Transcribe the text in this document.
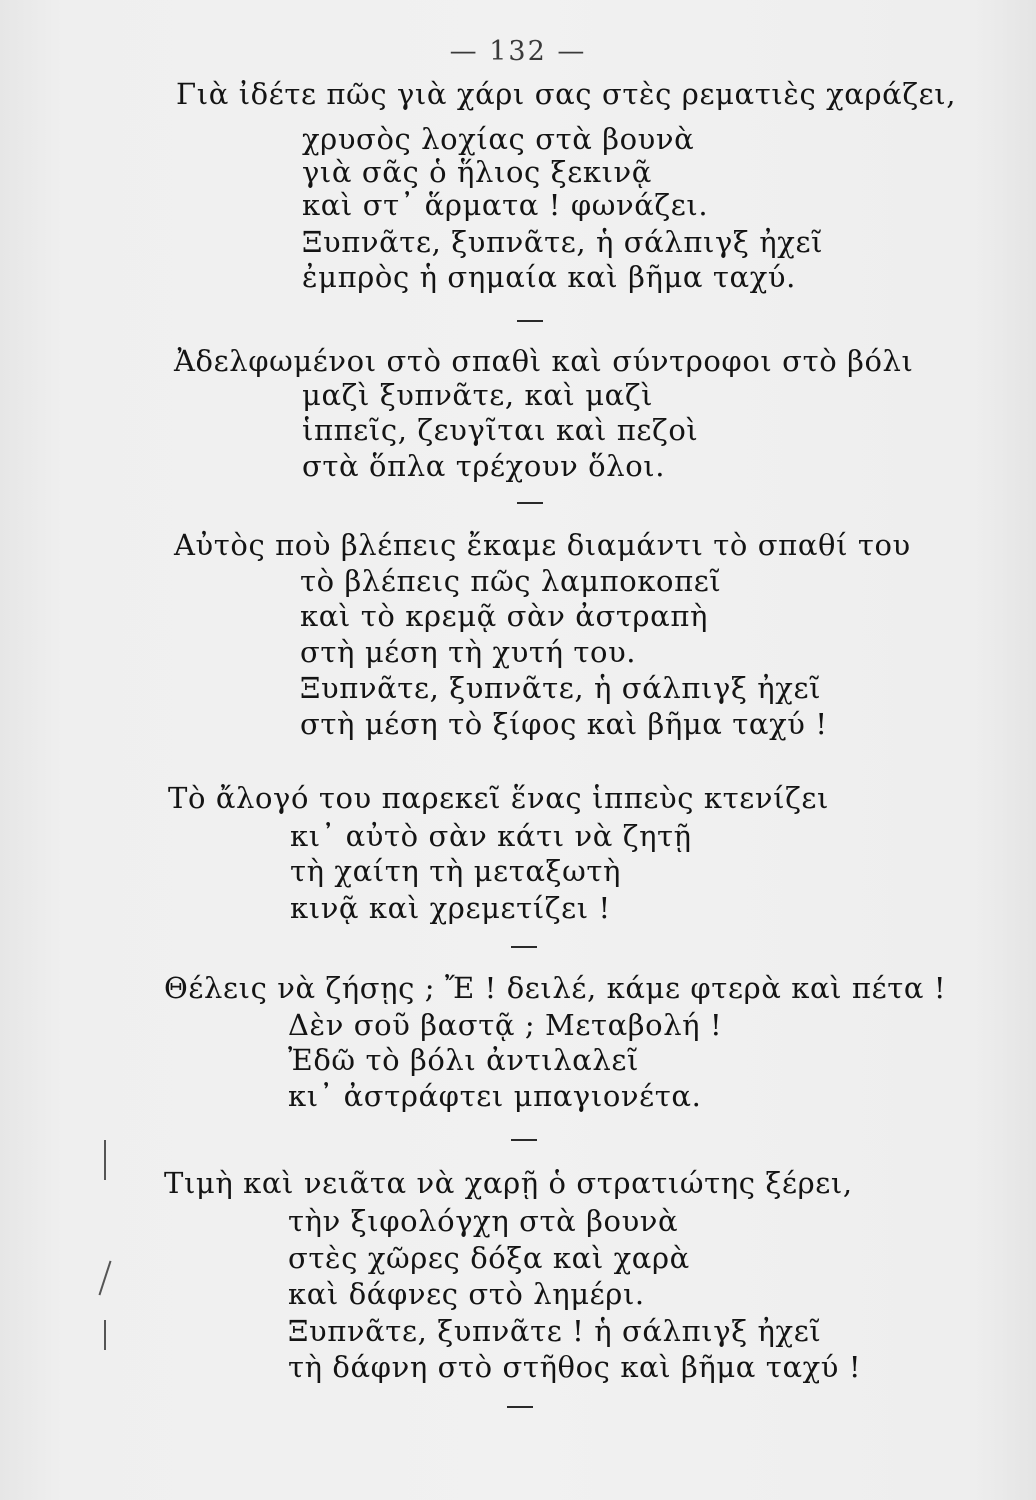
— 132 —
Γιὰ ἰδέτε πῶς γιὰ χάρι σας στὲς ρεματιὲς χαράζει,
χρυσὸς λοχίας στὰ βουνὰ
γιὰ σᾶς ὁ ἥλιος ξεκινᾷ
καὶ στ᾽ ἅρματα ! φωνάζει.
Ξυπνᾶτε, ξυπνᾶτε, ἡ σάλπιγξ ἠχεῖ
ἐμπρὸς ἡ σημαία καὶ βῆμα ταχύ.
Ἀδελφωμένοι στὸ σπαθὶ καὶ σύντροφοι στὸ βόλι
μαζὶ ξυπνᾶτε, καὶ μαζὶ
ἱππεῖς, ζευγῖται καὶ πεζοὶ
στὰ ὅπλα τρέχουν ὅλοι.
Αὐτὸς ποὺ βλέπεις ἔκαμε διαμάντι τὸ σπαθί του
τὸ βλέπεις πῶς λαμποκοπεῖ
καὶ τὸ κρεμᾷ σὰν ἀστραπὴ
στὴ μέση τὴ χυτή του.
Ξυπνᾶτε, ξυπνᾶτε, ἡ σάλπιγξ ἠχεῖ
στὴ μέση τὸ ξίφος καὶ βῆμα ταχύ !
Τὸ ἄλογό του παρεκεῖ ἕνας ἱππεὺς κτενίζει
κι᾽ αὐτὸ σὰν κάτι νὰ ζητῇ
τὴ χαίτη τὴ μεταξωτὴ
κινᾷ καὶ χρεμετίζει !
Θέλεις νὰ ζήσῃς ; Ἔ ! δειλέ, κάμε φτερὰ καὶ πέτα !
Δὲν σοῦ βαστᾷ ; Μεταβολή !
Ἐδῶ τὸ βόλι ἀντιλαλεῖ
κι᾽ ἀστράφτει μπαγιονέτα.
Τιμὴ καὶ νειᾶτα νὰ χαρῇ ὁ στρατιώτης ξέρει,
τὴν ξιφολόγχη στὰ βουνὰ
στὲς χῶρες δόξα καὶ χαρὰ
καὶ δάφνες στὸ λημέρι.
Ξυπνᾶτε, ξυπνᾶτε ! ἡ σάλπιγξ ἠχεῖ
τὴ δάφνη στὸ στῆθος καὶ βῆμα ταχύ !
